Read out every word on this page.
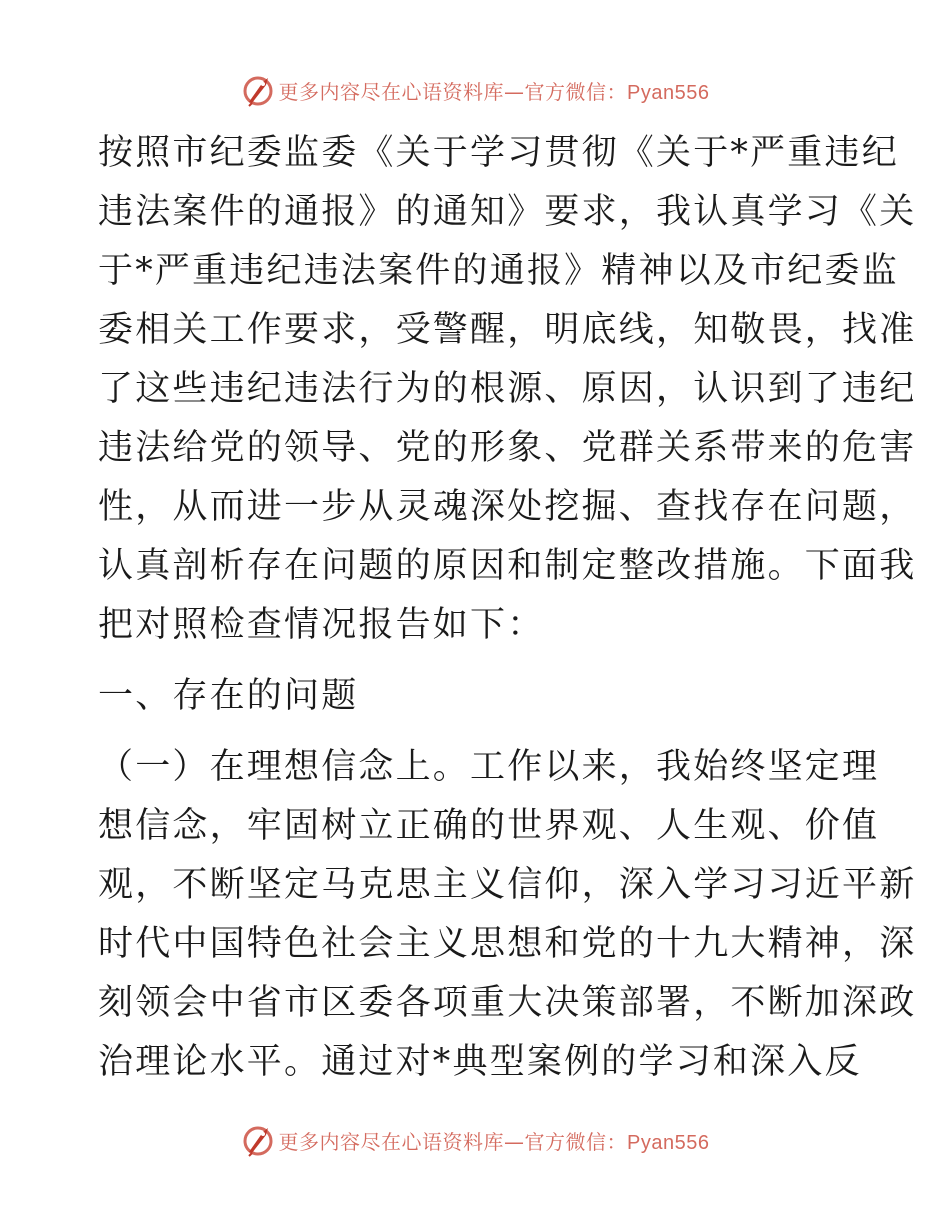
更多内容尽在心语资料库—官方微信：Pyan556
按照市纪委监委《关于学习贯彻《关于*严重违纪
违法案件的通报》的通知》要求，我认真学习《关
于*严重违纪违法案件的通报》精神以及市纪委监
委相关工作要求，受警醒，明底线，知敬畏，找准
了这些违纪违法行为的根源、原因，认识到了违纪
违法给党的领导、党的形象、党群关系带来的危害
性，从而进一步从灵魂深处挖掘、查找存在问题，
认真剖析存在问题的原因和制定整改措施。下面我
把对照检查情况报告如下：
一、存在的问题
（一）在理想信念上。工作以来，我始终坚定理
想信念，牢固树立正确的世界观、人生观、价值
观，不断坚定马克思主义信仰，深入学习习近平新
时代中国特色社会主义思想和党的十九大精神，深
刻领会中省市区委各项重大决策部署，不断加深政
治理论水平。通过对*典型案例的学习和深入反
更多内容尽在心语资料库—官方微信：Pyan556
